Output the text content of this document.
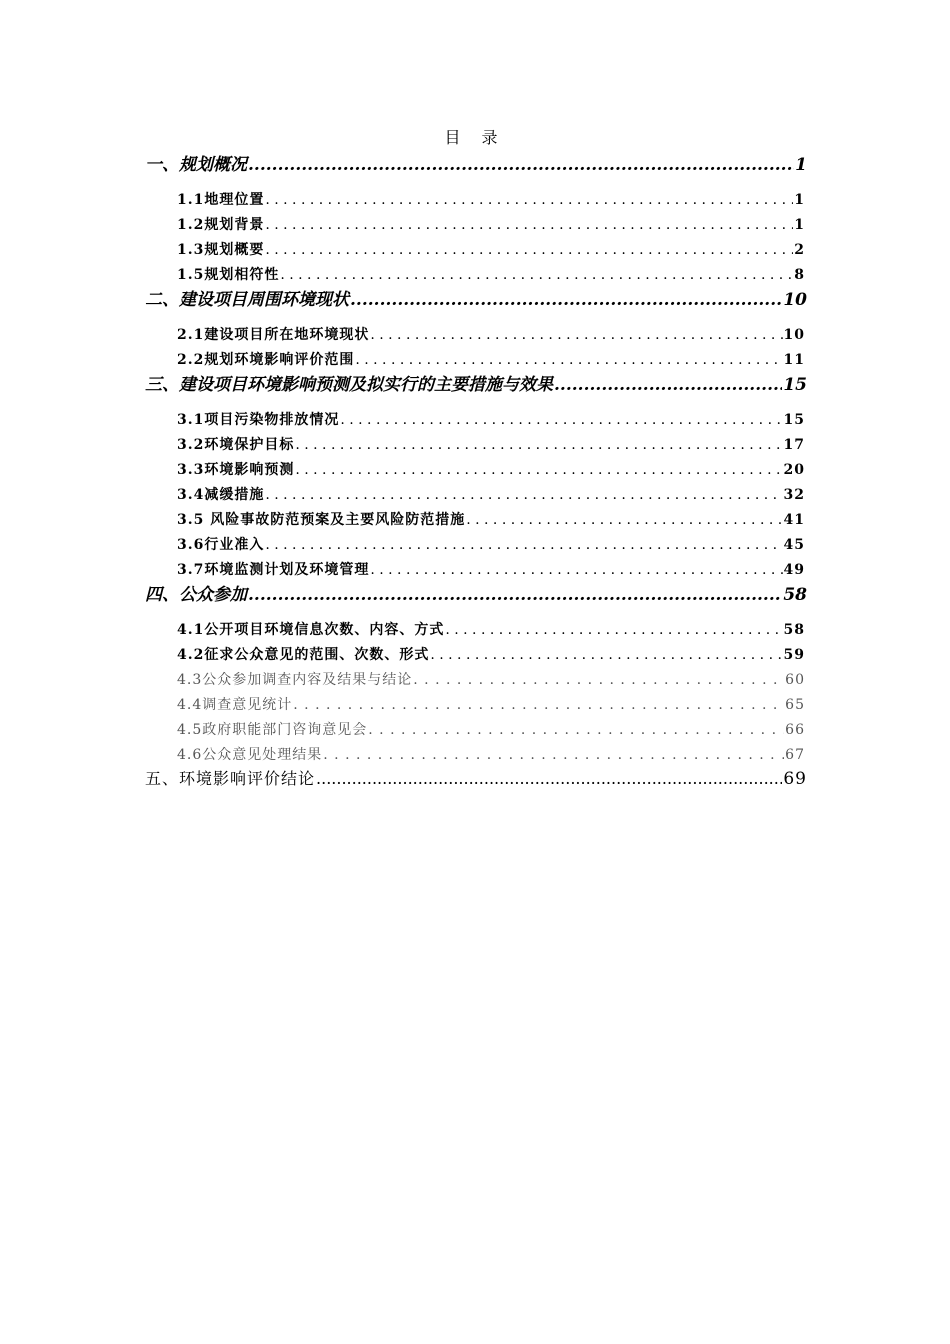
目 录
一、规划概况 .....	1
1.1地理位置 . . .	1
1.2规划背景 . . .	1
1.3规划概要 . . .	2
1.5规划相符性 . . .	8
二、建设项目周围环境现状 .....	10
2.1建设项目所在地环境现状 . . .	10
2.2规划环境影响评价范围 . . .	11
三、建设项目环境影响预测及拟实行的主要措施与效果 .....	15
3.1项目污染物排放情况 . . .	15
3.2环境保护目标 . . .	17
3.3环境影响预测 . . .	20
3.4减缓措施 . . .	32
3.5 风险事故防范预案及主要风险防范措施 . . .	41
3.6行业准入 . . .	45
3.7环境监测计划及环境管理 . . .	49
四、公众参加 .....	58
4.1公开项目环境信息次数、内容、方式 . . .	58
4.2征求公众意见的范围、次数、形式 . . .	59
4.3公众参加调查内容及结果与结论 . . .	60
4.4调查意见统计 . . .	65
4.5政府职能部门咨询意见会 . . .	66
4.6公众意见处理结果 . . .	67
五、环境影响评价结论 .....	69
